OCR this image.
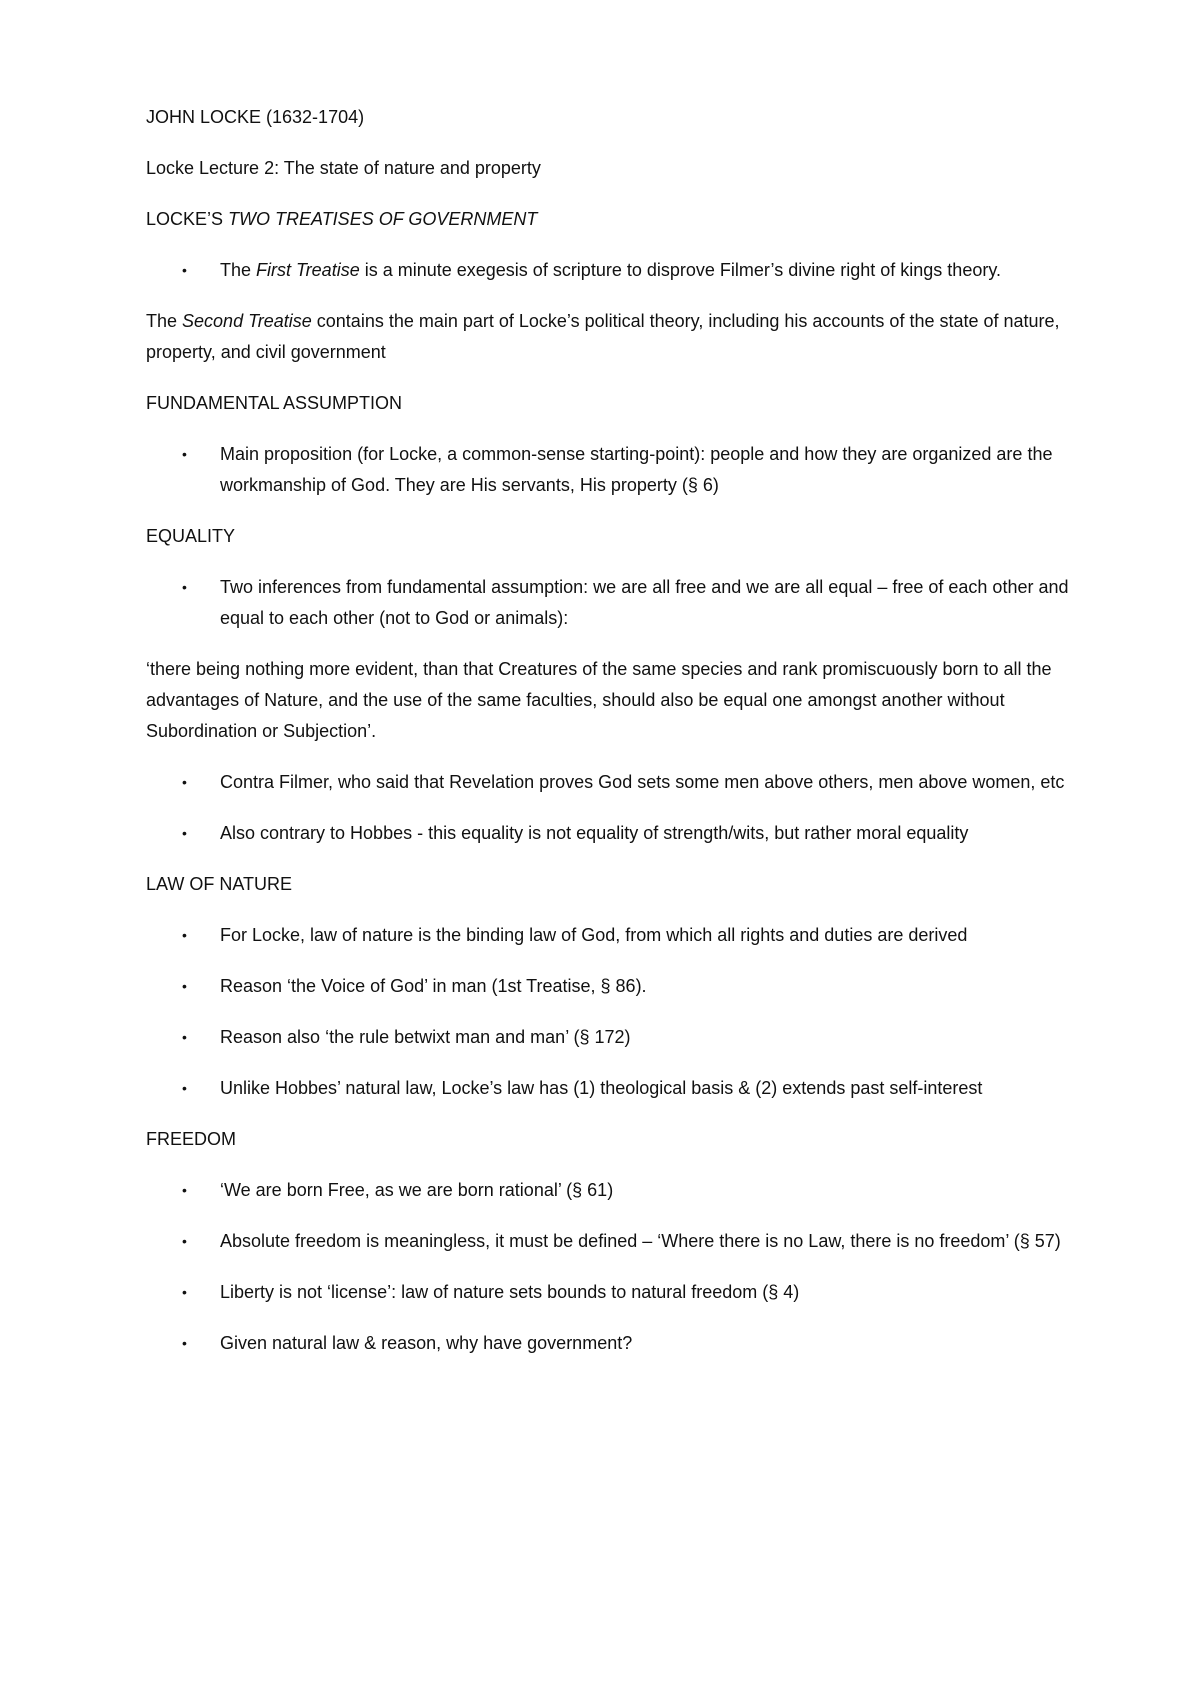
JOHN LOCKE (1632-1704)

Locke Lecture 2: The state of nature and property

LOCKE’S TWO TREATISES OF GOVERNMENT

• The First Treatise is a minute exegesis of scripture to disprove Filmer’s divine right of kings theory.

The Second Treatise contains the main part of Locke’s political theory, including his accounts of the state of nature, property, and civil government

FUNDAMENTAL ASSUMPTION

• Main proposition (for Locke, a common-sense starting-point): people and how they are organized are the workmanship of God. They are His servants, His property (§ 6)

EQUALITY

• Two inferences from fundamental assumption: we are all free and we are all equal – free of each other and equal to each other (not to God or animals):

‘there being nothing more evident, than that Creatures of the same species and rank promiscuously born to all the advantages of Nature, and the use of the same faculties, should also be equal one amongst another without Subordination or Subjection’.

• Contra Filmer, who said that Revelation proves God sets some men above others, men above women, etc
• Also contrary to Hobbes - this equality is not equality of strength/wits, but rather moral equality

LAW OF NATURE

• For Locke, law of nature is the binding law of God, from which all rights and duties are derived
• Reason ‘the Voice of God’ in man (1st Treatise, § 86).
• Reason also ‘the rule betwixt man and man’ (§ 172)
• Unlike Hobbes’ natural law, Locke’s law has (1) theological basis & (2) extends past self-interest

FREEDOM

• ‘We are born Free, as we are born rational’ (§ 61)
• Absolute freedom is meaningless, it must be defined – ‘Where there is no Law, there is no freedom’ (§ 57)
• Liberty is not ‘license’: law of nature sets bounds to natural freedom (§ 4)
• Given natural law & reason, why have government?
